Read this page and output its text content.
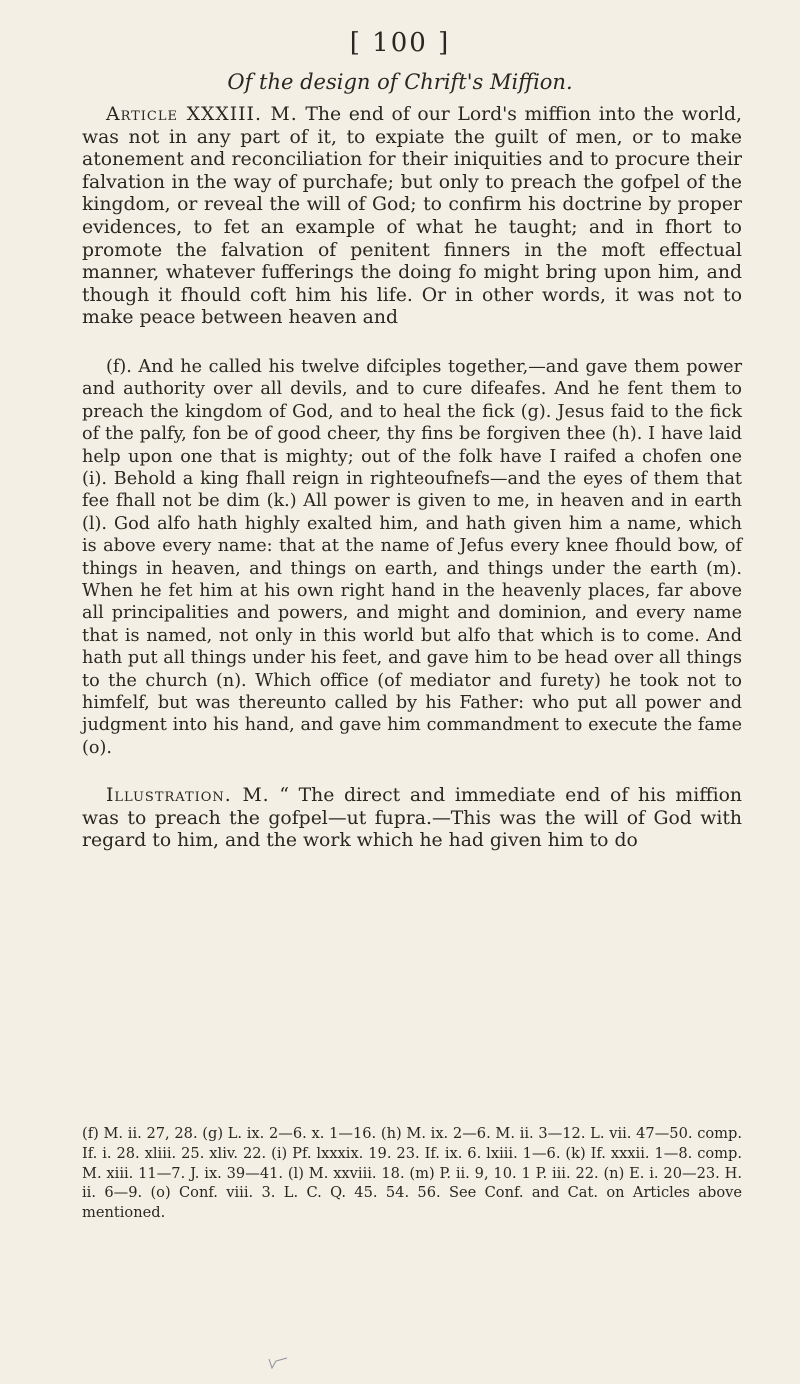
[ 100 ]
Of the design of Chrift's Miffion.

Article XXXIII. M. The end of our Lord's miffion into the world, was not in any part of it, to expiate the guilt of men, or to make atonement and reconciliation for their iniquities and to procure their falvation in the way of purchafe; but only to preach the gofpel of the kingdom, or reveal the will of God; to confirm his doctrine by proper evidences, to fet an example of what he taught; and in fhort to promote the falvation of penitent finners in the moft effectual manner, whatever fufferings the doing fo might bring upon him, and though it fhould coft him his life. Or in other words, it was not to make peace between heaven and

(f). And he called his twelve difciples together,—and gave them power and authority over all devils, and to cure difeafes. And he fent them to preach the kingdom of God, and to heal the fick (g). Jesus faid to the fick of the palfy, fon be of good cheer, thy fins be forgiven thee (h). I have laid help upon one that is mighty; out of the folk have I raifed a chofen one (i). Behold a king fhall reign in righteoufnefs—and the eyes of them that fee fhall not be dim (k.) All power is given to me, in heaven and in earth (l). God alfo hath highly exalted him, and hath given him a name, which is above every name: that at the name of Jefus every knee fhould bow, of things in heaven, and things on earth, and things under the earth (m). When he fet him at his own right hand in the heavenly places, far above all principalities and powers, and might and dominion, and every name that is named, not only in this world but alfo that which is to come. And hath put all things under his feet, and gave him to be head over all things to the church (n). Which office (of mediator and furety) he took not to himfelf, but was thereunto called by his Father: who put all power and judgment into his hand, and gave him commandment to execute the fame (o).

Illustration. M. “ The direct and immediate end of his miffion was to preach the gofpel—ut fupra.—This was the will of God with regard to him, and the work which he had given him to do

(f) M. ii. 27, 28. (g) L. ix. 2—6. x. 1—16. (h) M. ix. 2—6. M. ii. 3—12. L. vii. 47—50. comp. If. i. 28. xliii. 25. xliv. 22. (i) Pf. lxxxix. 19. 23. If. ix. 6. lxiii. 1—6. (k) If. xxxii. 1—8. comp. M. xiii. 11—7. J. ix. 39—41. (l) M. xxviii. 18. (m) P. ii. 9, 10. 1 P. iii. 22. (n) E. i. 20—23. H. ii. 6—9. (o) Conf. viii. 3. L. C. Q. 45. 54. 56. See Conf. and Cat. on Articles above mentioned.
